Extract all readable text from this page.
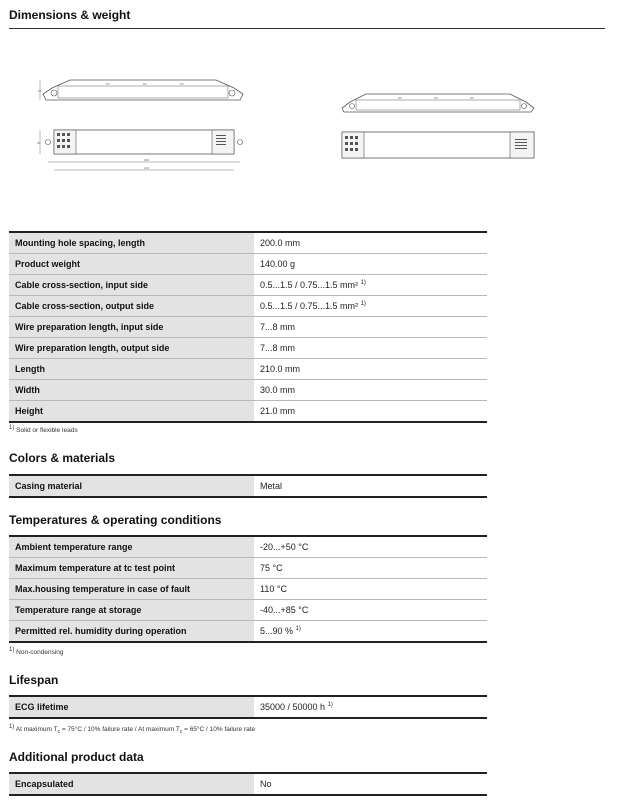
Dimensions & weight
▪▪▪	▪▪▪	▪▪▪
21
30
200
210
▪▪▪	▪▪▪	▪▪▪
Mounting hole spacing, length	200.0 mm
Product weight	140.00 g
Cable cross-section, input side	0.5...1.5 / 0.75...1.5 mm² $^{1)}$
Cable cross-section, output side	0.5...1.5 / 0.75...1.5 mm² $^{1)}$
Wire preparation length, input side	7...8 mm
Wire preparation length, output side	7...8 mm
Length	210.0 mm
Width	30.0 mm
Height	21.0 mm
$^{1)}$ Solid or flexible leads
Colors & materials
Casing material	Metal
Temperatures & operating conditions
Ambient temperature range	-20...+50 °C
Maximum temperature at tc test point	75 °C
Max.housing temperature in case of fault	110 °C
Temperature range at storage	-40...+85 °C
Permitted rel. humidity during operation	5...90 % $^{1)}$
$^{1)}$ Non-condensing
Lifespan
ECG lifetime	35000 / 50000 h $^{1)}$
$^{1)}$ At maximum $T_c = 75^\circ C / 10\%$ failure rate / At maximum $T_c = 65^\circ C / 10\%$ failure rate
Additional product data
Encapsulated	No
